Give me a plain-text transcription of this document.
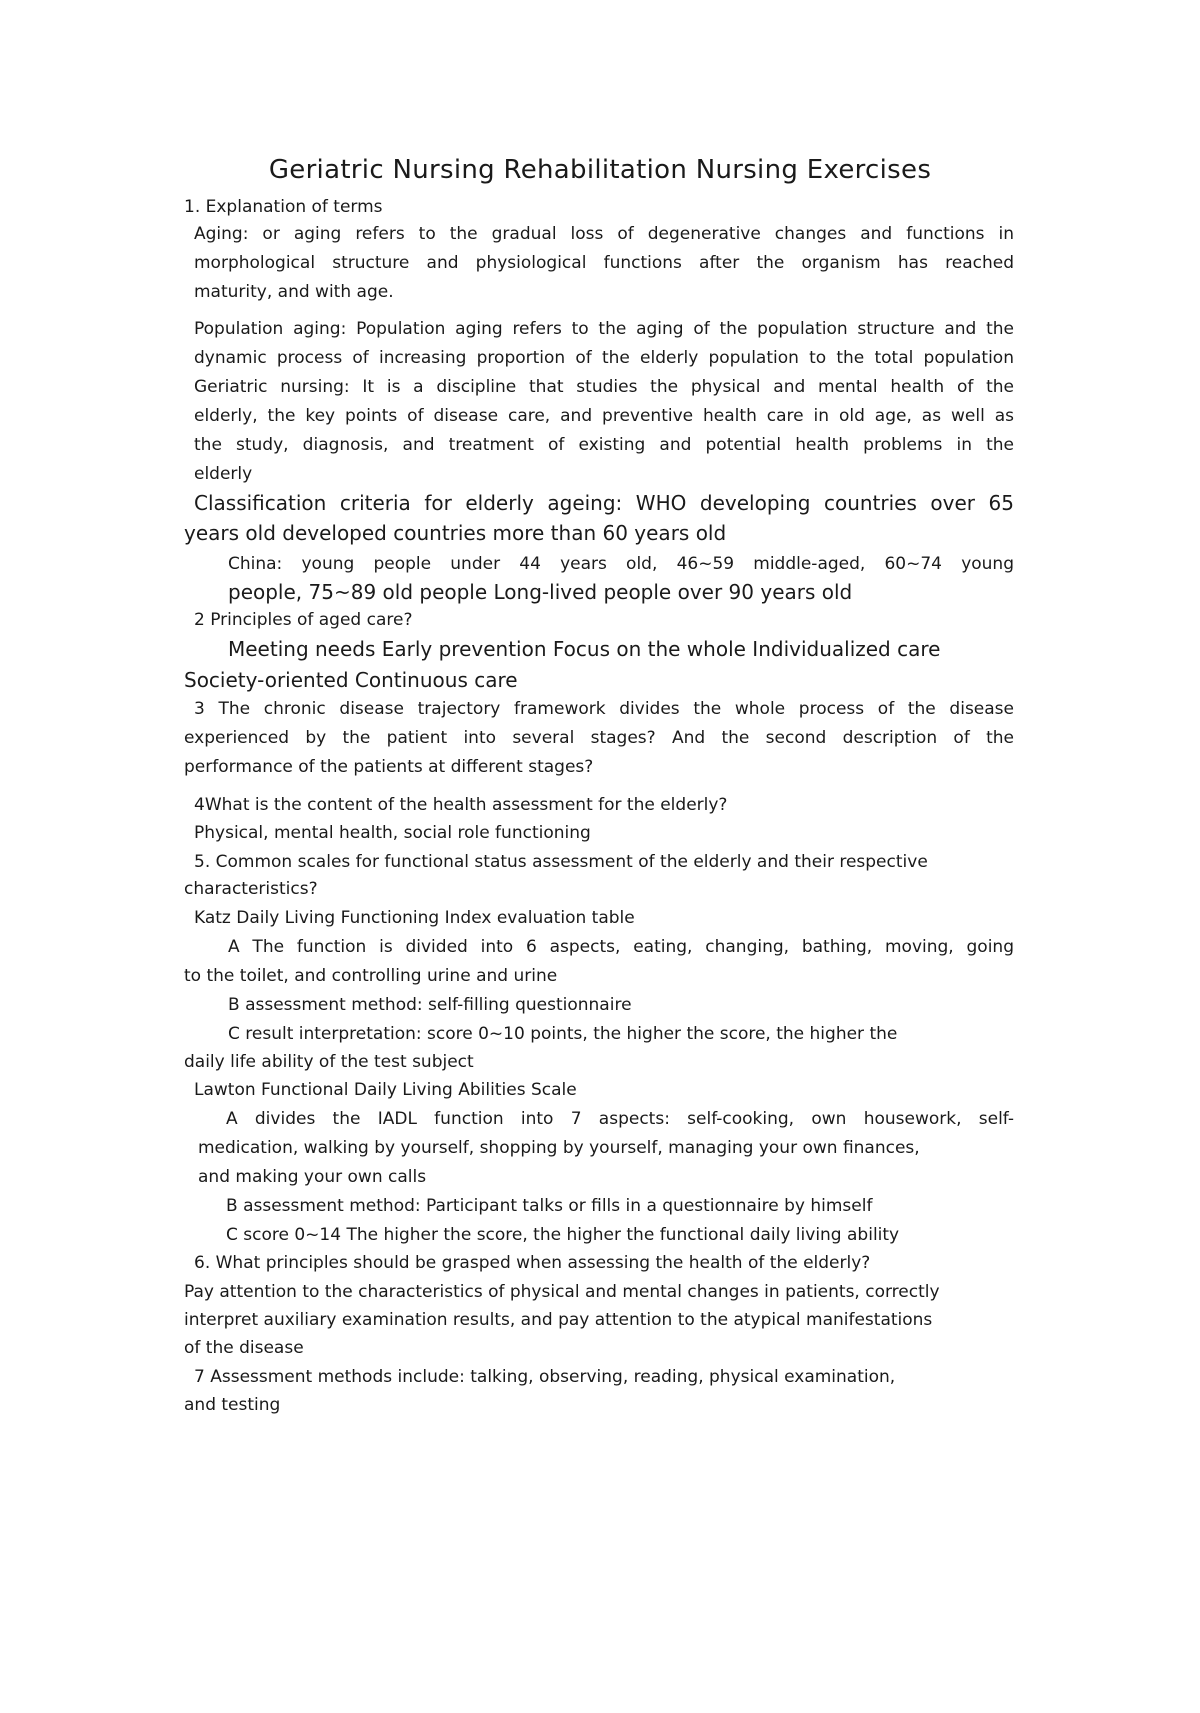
Geriatric Nursing Rehabilitation Nursing Exercises

1. Explanation of terms

Aging: or aging refers to the gradual loss of degenerative changes and functions in

morphological structure and physiological functions after the organism has reached

maturity, and with age.

Population aging: Population aging refers to the aging of the population structure and the

dynamic process of increasing proportion of the elderly population to the total population

Geriatric nursing: It is a discipline that studies the physical and mental health of the

elderly, the key points of disease care, and preventive health care in old age, as well as

the study, diagnosis, and treatment of existing and potential health problems in the

elderly

Classification criteria for elderly ageing: WHO developing countries over 65

years old developed countries more than 60 years old

China: young people under 44 years old, 46~59 middle-aged, 60~74 young

people, 75~89 old people Long-lived people over 90 years old

2 Principles of aged care?

Meeting needs Early prevention Focus on the whole Individualized care

Society-oriented Continuous care

3 The chronic disease trajectory framework divides the whole process of the disease

experienced by the patient into several stages? And the second description of the

performance of the patients at different stages?

4What is the content of the health assessment for the elderly?

Physical, mental health, social role functioning

5. Common scales for functional status assessment of the elderly and their respective

characteristics?

Katz Daily Living Functioning Index evaluation table

A The function is divided into 6 aspects, eating, changing, bathing, moving, going

to the toilet, and controlling urine and urine

B assessment method: self-filling questionnaire

C result interpretation: score 0~10 points, the higher the score, the higher the

daily life ability of the test subject

Lawton Functional Daily Living Abilities Scale

A divides the IADL function into 7 aspects: self-cooking, own housework, self-

medication, walking by yourself, shopping by yourself, managing your own finances,

and making your own calls

B assessment method: Participant talks or fills in a questionnaire by himself

C score 0~14 The higher the score, the higher the functional daily living ability

6. What principles should be grasped when assessing the health of the elderly?

Pay attention to the characteristics of physical and mental changes in patients, correctly

interpret auxiliary examination results, and pay attention to the atypical manifestations

of the disease

7 Assessment methods include: talking, observing, reading, physical examination,

and testing
